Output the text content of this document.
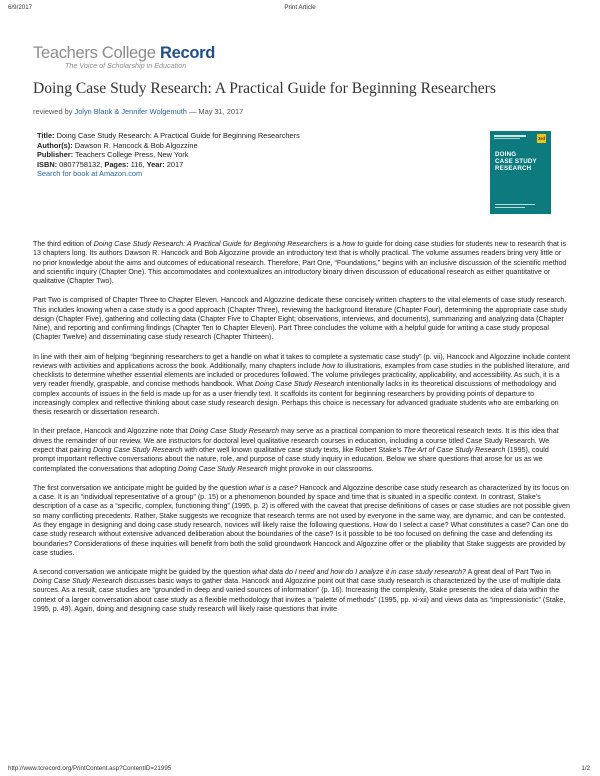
6/9/2017	Print Article
Teachers College Record
The Voice of Scholarship in Education
Doing Case Study Research: A Practical Guide for Beginning Researchers
reviewed by Jolyn Blank & Jennifer Wolgemuth — May 31, 2017
Title: Doing Case Study Research: A Practical Guide for Beginning Researchers
Author(s): Dawson R. Hancock & Bob Algozzine
Publisher: Teachers College Press, New York
ISBN: 0807758132, Pages: 116, Year: 2017
Search for book at Amazon.com
3rd
DOING
CASE STUDY
RESEARCH

The third edition of Doing Case Study Research: A Practical Guide for Beginning Researchers is a how to guide for doing case studies for students new to research that is 13 chapters long. Its authors Dawson R. Hancock and Bob Algozzine provide an introductory text that is wholly practical. The volume assumes readers bring very little or no prior knowledge about the aims and outcomes of educational research. Therefore, Part One, “Foundations,” begins with an inclusive discussion of the scientific method and scientific inquiry (Chapter One). This accommodates and contextualizes an introductory binary driven discussion of educational research as either quantitative or qualitative (Chapter Two).

Part Two is comprised of Chapter Three to Chapter Eleven. Hancock and Algozzine dedicate these concisely written chapters to the vital elements of case study research. This includes knowing when a case study is a good approach (Chapter Three), reviewing the background literature (Chapter Four), determining the appropriate case study design (Chapter Five), gathering and collecting data (Chapter Five to Chapter Eight; observations, interviews, and documents), summarizing and analyzing data (Chapter Nine), and reporting and confirming findings (Chapter Ten to Chapter Eleven). Part Three concludes the volume with a helpful guide for writing a case study proposal (Chapter Twelve) and disseminating case study research (Chapter Thirteen).

In line with their aim of helping “beginning researchers to get a handle on what it takes to complete a systematic case study” (p. vii), Hancock and Algozzine include content reviews with activities and applications across the book. Additionally, many chapters include how to illustrations, examples from case studies in the published literature, and checklists to determine whether essential elements are included or procedures followed. The volume privileges practicality, applicability, and accessibility. As such, it is a very reader friendly, graspable, and concise methods handbook. What Doing Case Study Research intentionally lacks in its theoretical discussions of methodology and complex accounts of issues in the field is made up for as a user friendly text. It scaffolds its content for beginning researchers by providing points of departure to increasingly complex and reflective thinking about case study research design. Perhaps this choice is necessary for advanced graduate students who are embarking on thesis research or dissertation research.

In their preface, Hancock and Algozzine note that Doing Case Study Research may serve as a practical companion to more theoretical research texts. It is this idea that drives the remainder of our review. We are instructors for doctoral level qualitative research courses in education, including a course titled Case Study Research. We expect that pairing Doing Case Study Research with other well known qualitative case study texts, like Robert Stake’s The Art of Case Study Research (1995), could prompt important reflective conversations about the nature, role, and purpose of case study inquiry in education. Below we share questions that arose for us as we contemplated the conversations that adopting Doing Case Study Research might provoke in our classrooms.

The first conversation we anticipate might be guided by the question what is a case? Hancock and Algozzine describe case study research as characterized by its focus on a case. It is an “individual representative of a group” (p. 15) or a phenomenon bounded by space and time that is situated in a specific context. In contrast, Stake’s description of a case as a “specific, complex, functioning thing” (1995, p. 2) is offered with the caveat that precise definitions of cases or case studies are not possible given so many conflicting precedents. Rather, Stake suggests we recognize that research terms are not used by everyone in the same way, are dynamic, and can be contested. As they engage in designing and doing case study research, novices will likely raise the following questions. How do I select a case? What constitutes a case? Can one do case study research without extensive advanced deliberation about the boundaries of the case? Is it possible to be too focused on defining the case and defending its boundaries? Considerations of these inquiries will benefit from both the solid groundwork Hancock and Algozzine offer or the pliability that Stake suggests are provided by case studies.

A second conversation we anticipate might be guided by the question what data do I need and how do I analyze it in case study research? A great deal of Part Two in Doing Case Study Research discusses basic ways to gather data. Hancock and Algozzine point out that case study research is characterized by the use of multiple data sources. As a result, case studies are “grounded in deep and varied sources of information” (p. 16). Increasing the complexity, Stake presents the idea of data within the context of a larger conversation about case study as a flexible methodology that invites a “palette of methods” (1995, pp. xi-xii) and views data as “impressionistic” (Stake, 1995, p. 49). Again, doing and designing case study research will likely raise questions that invite

http://www.tcrecord.org/PrintContent.asp?ContentID=21995	1/2
